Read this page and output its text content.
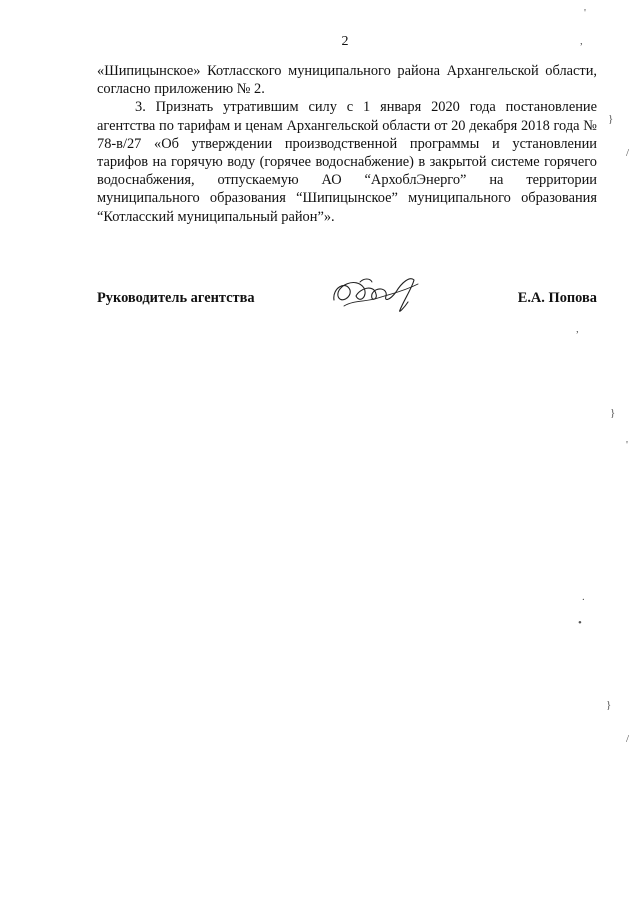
2

«Шипицынское» Котласского муниципального района Архангельской области, согласно приложению № 2.

3. Признать утратившим силу с 1 января 2020 года постановление агентства по тарифам и ценам Архангельской области от 20 декабря 2018 года № 78-в/27 «Об утверждении производственной программы и установлении тарифов на горячую воду (горячее водоснабжение) в закрытой системе горячего водоснабжения, отпускаемую АО “АрхоблЭнерго” на территории муниципального образования “Шипицынское” муниципального образования “Котласский муниципальный район”».

Руководитель агентства	Е.А. Попова
'
,
}
/
,
}
'
.
•
}
/
